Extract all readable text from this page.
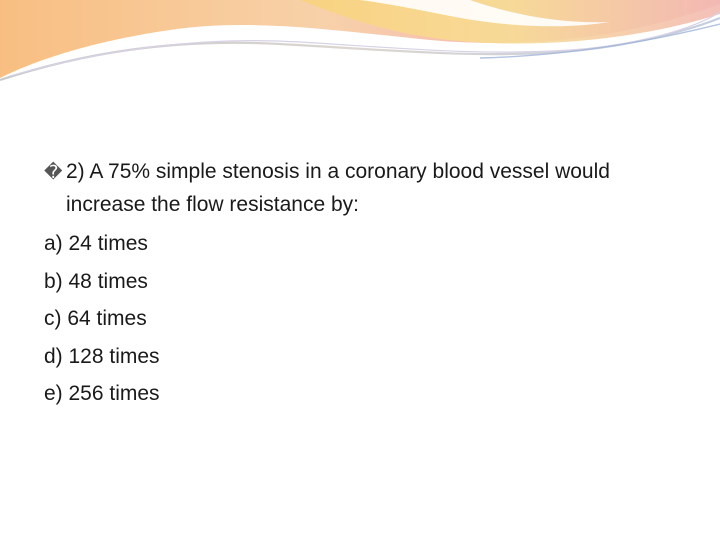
� 2) A 75% simple stenosis in a coronary blood vessel would increase the flow resistance by:
a) 24 times
b) 48 times
c) 64 times
d) 128 times
e) 256 times
